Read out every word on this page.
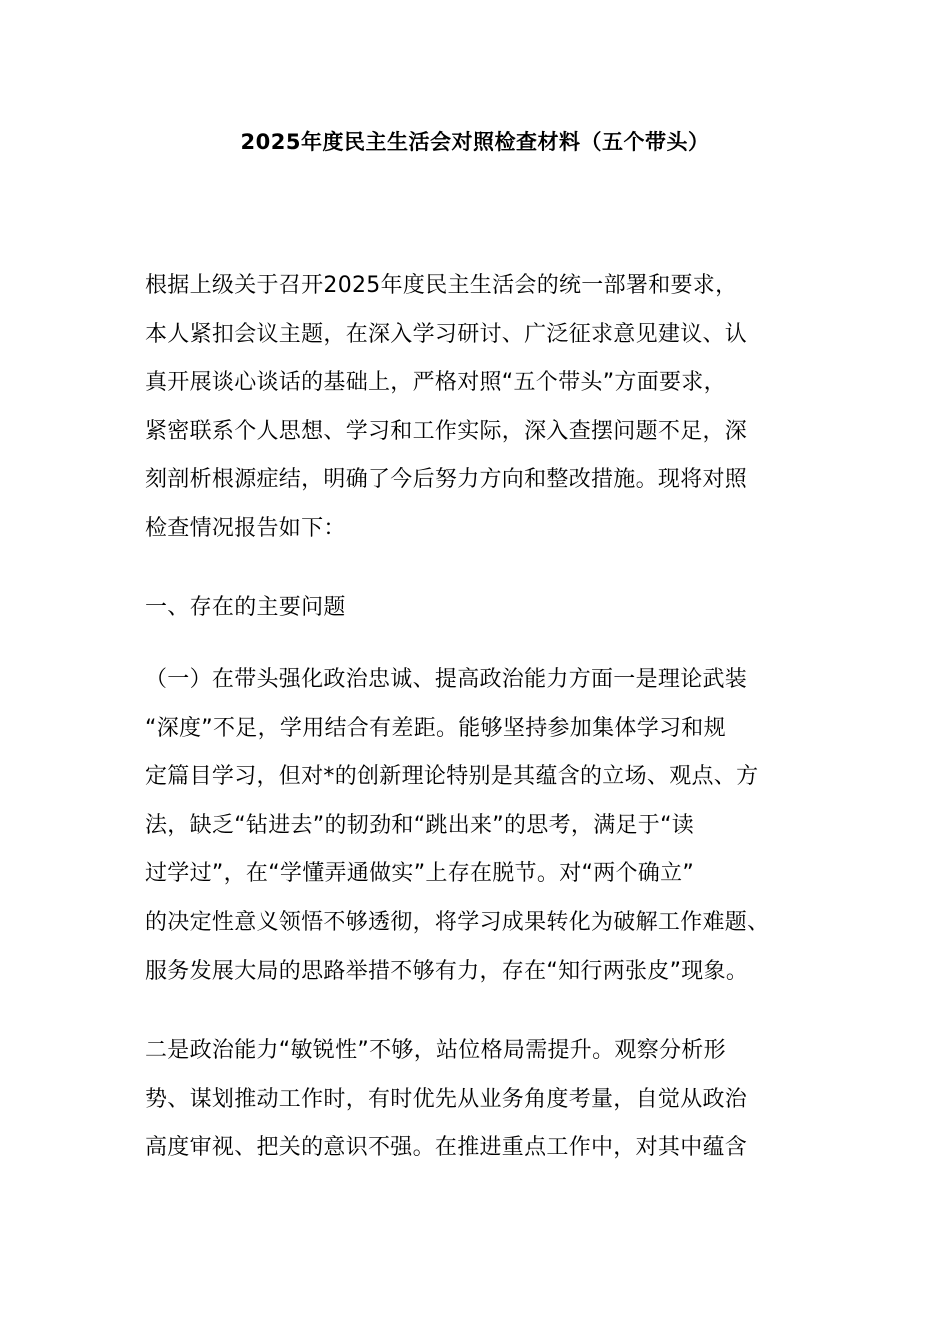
2025年度民主生活会对照检查材料（五个带头）

根据上级关于召开2025年度民主生活会的统一部署和要求，
本人紧扣会议主题，在深入学习研讨、广泛征求意见建议、认
真开展谈心谈话的基础上，严格对照“五个带头”方面要求，
紧密联系个人思想、学习和工作实际，深入查摆问题不足，深
刻剖析根源症结，明确了今后努力方向和整改措施。现将对照
检查情况报告如下：

一、存在的主要问题

（一）在带头强化政治忠诚、提高政治能力方面一是理论武装
“深度”不足，学用结合有差距。能够坚持参加集体学习和规
定篇目学习，但对*的创新理论特别是其蕴含的立场、观点、方
法，缺乏“钻进去”的韧劲和“跳出来”的思考，满足于“读
过学过”，在“学懂弄通做实”上存在脱节。对“两个确立”
的决定性意义领悟不够透彻，将学习成果转化为破解工作难题、
服务发展大局的思路举措不够有力，存在“知行两张皮”现象。

二是政治能力“敏锐性”不够，站位格局需提升。观察分析形
势、谋划推动工作时，有时优先从业务角度考量，自觉从政治
高度审视、把关的意识不强。在推进重点工作中，对其中蕴含
